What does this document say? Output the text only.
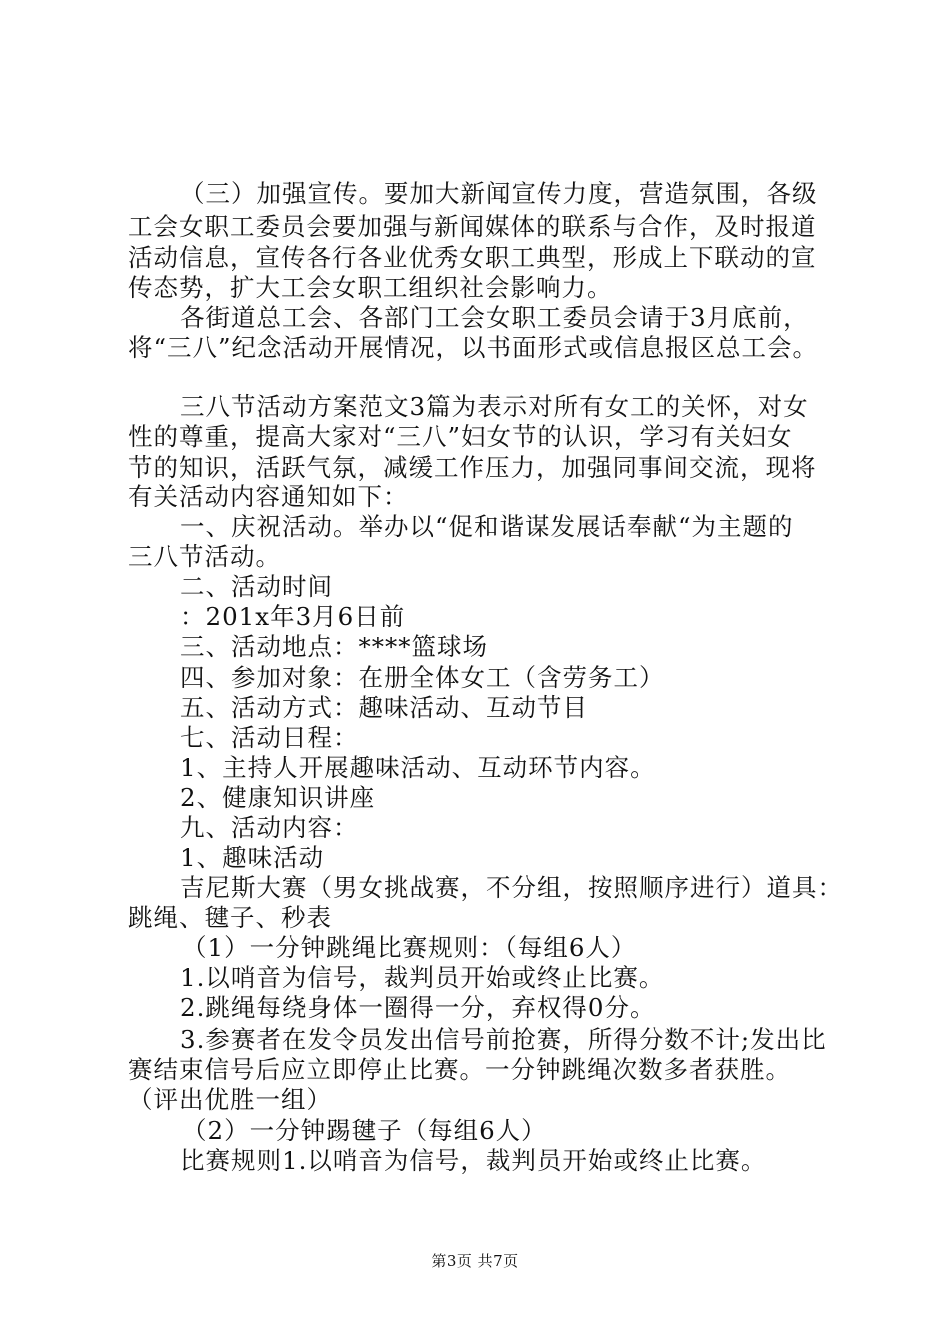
（三）加强宣传。要加大新闻宣传力度，营造氛围，各级
工会女职工委员会要加强与新闻媒体的联系与合作，及时报道
活动信息，宣传各行各业优秀女职工典型，形成上下联动的宣
传态势，扩大工会女职工组织社会影响力。
各街道总工会、各部门工会女职工委员会请于3月底前，
将“三八”纪念活动开展情况，以书面形式或信息报区总工会。
三八节活动方案范文3篇为表示对所有女工的关怀，对女
性的尊重，提高大家对“三八”妇女节的认识，学习有关妇女
节的知识，活跃气氛，减缓工作压力，加强同事间交流，现将
有关活动内容通知如下：
一、庆祝活动。举办以“促和谐谋发展话奉献“为主题的
三八节活动。
二、活动时间
：201x年3月6日前
三、活动地点：****篮球场
四、参加对象：在册全体女工（含劳务工）
五、活动方式：趣味活动、互动节目
七、活动日程：
1、主持人开展趣味活动、互动环节内容。
2、健康知识讲座
九、活动内容：
1、趣味活动
吉尼斯大赛（男女挑战赛，不分组，按照顺序进行）道具：
跳绳、毽子、秒表
（1）一分钟跳绳比赛规则：（每组6人）
1.以哨音为信号，裁判员开始或终止比赛。
2.跳绳每绕身体一圈得一分，弃权得0分。
3.参赛者在发令员发出信号前抢赛，所得分数不计;发出比
赛结束信号后应立即停止比赛。一分钟跳绳次数多者获胜。
（评出优胜一组）
（2）一分钟踢毽子（每组6人）
比赛规则1.以哨音为信号，裁判员开始或终止比赛。
第3页 共7页
